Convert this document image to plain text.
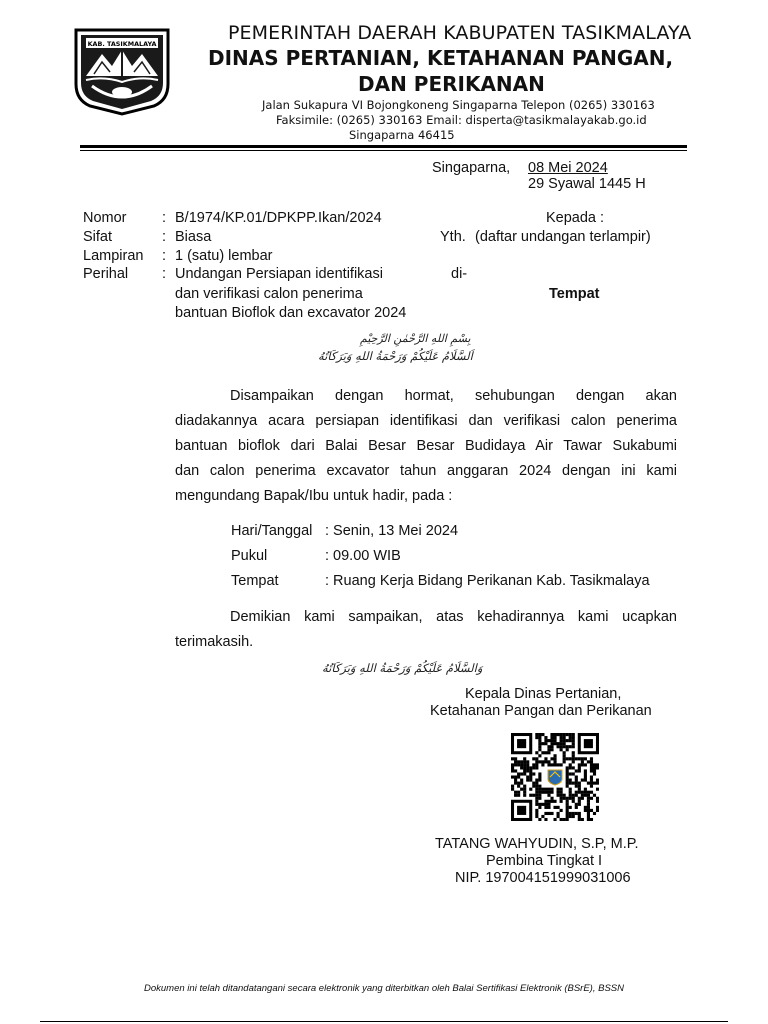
KAB. TASIKMALAYA	PEMERINTAH DAERAH KABUPATEN TASIKMALAYA
DINAS PERTANIAN, KETAHANAN PANGAN,
DAN PERIKANAN
Jalan Sukapura VI Bojongkoneng Singaparna Telepon (0265) 330163
Faksimile: (0265) 330163 Email: disperta@tasikmalayakab.go.id
Singaparna 46415
Singaparna, 08 Mei 2024
29 Syawal 1445 H
Nomor : B/1974/KP.01/DPKPP.Ikan/2024
Sifat	: Biasa
Lampiran : 1 (satu) lembar
Perihal : Undangan Persiapan identifikasi
dan verifikasi calon penerima
bantuan Bioflok dan excavator 2024
Kepada :
Yth. (daftar undangan terlampir)
di-
Tempat
بِسْمِ اللهِ الرَّحْمٰنِ الرَّحِيْمِ
اَلسَّلَامُ عَلَيْكُمْ وَرَحْمَةُ اللهِ وَبَرَكَاتُهُ
Disampaikan dengan hormat, sehubungan dengan akan
diadakannya acara persiapan identifikasi dan verifikasi calon penerima
bantuan bioflok dari Balai Besar Besar Budidaya Air Tawar Sukabumi
dan calon penerima excavator tahun anggaran 2024 dengan ini kami
mengundang Bapak/Ibu untuk hadir, pada :
Hari/Tanggal : Senin, 13 Mei 2024
Pukul	: 09.00 WIB
Tempat	: Ruang Kerja Bidang Perikanan Kab. Tasikmalaya
Demikian kami sampaikan, atas kehadirannya kami ucapkan
terimakasih.
وَالسَّلَامُ عَلَيْكُمْ وَرَحْمَةُ اللهِ وَبَرَكَاتُهُ
Kepala Dinas Pertanian,
Ketahanan Pangan dan Perikanan
TATANG WAHYUDIN, S.P, M.P.
Pembina Tingkat I
NIP. 197004151999031006
Dokumen ini telah ditandatangani secara elektronik yang diterbitkan oleh Balai Sertifikasi Elektronik (BSrE), BSSN
